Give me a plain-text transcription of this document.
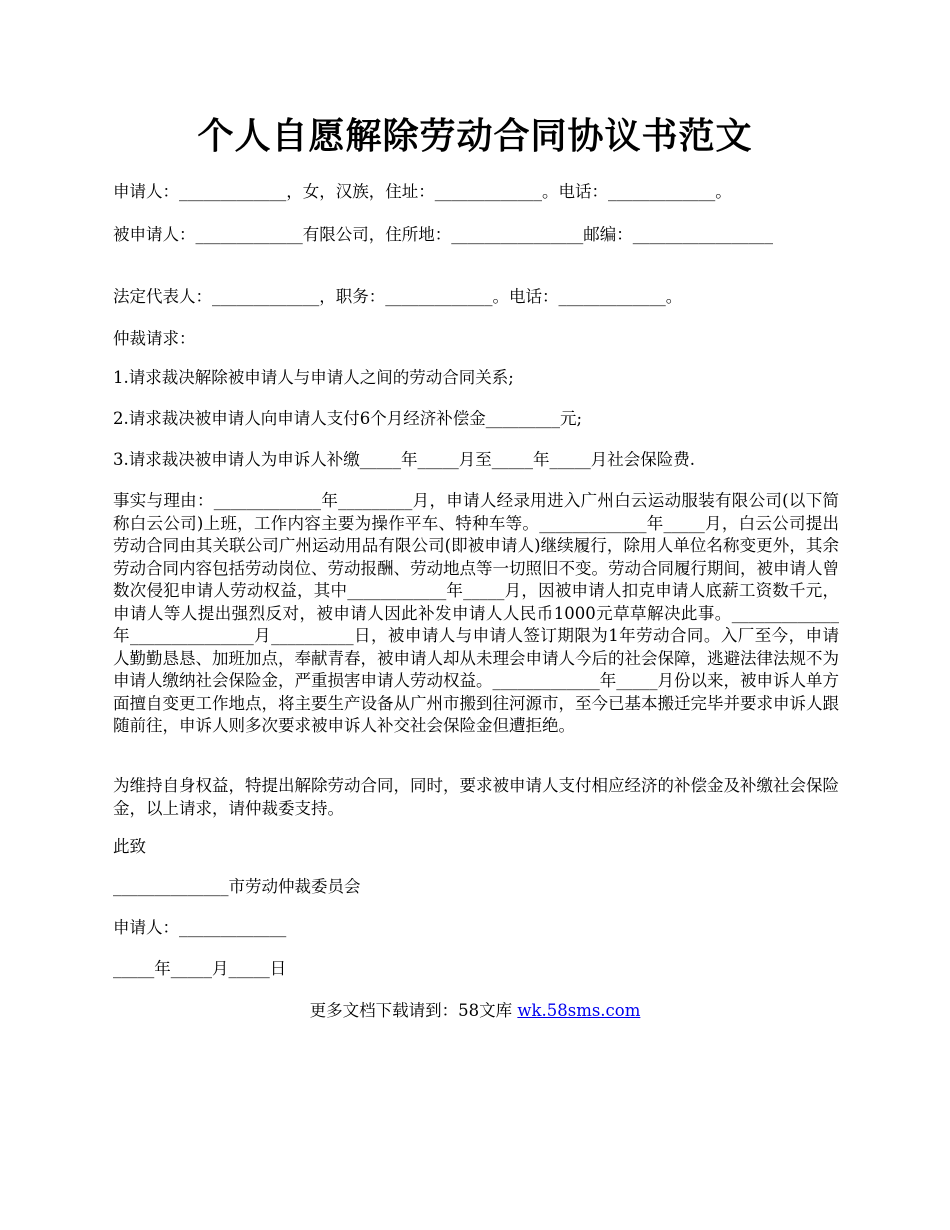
个人自愿解除劳动合同协议书范文

申请人：_____________，女，汉族，住址：_____________。电话：_____________。

被申请人：_____________有限公司，住所地：________________邮编：_________________

法定代表人：_____________，职务：_____________。电话：_____________。

仲裁请求：

1.请求裁决解除被申请人与申请人之间的劳动合同关系;

2.请求裁决被申请人向申请人支付6个月经济补偿金_________元;

3.请求裁决被申请人为申诉人补缴_____年_____月至_____年_____月社会保险费.

事实与理由：_____________年_________月，申请人经录用进入广州白云运动服装有限公司(以下简称白云公司)上班，工作内容主要为操作平车、特种车等。_____________年_____月，白云公司提出劳动合同由其关联公司广州运动用品有限公司(即被申请人)继续履行，除用人单位名称变更外，其余劳动合同内容包括劳动岗位、劳动报酬、劳动地点等一切照旧不变。劳动合同履行期间，被申请人曾数次侵犯申请人劳动权益，其中____________年_____月，因被申请人扣克申请人底薪工资数千元，申请人等人提出强烈反对，被申请人因此补发申请人人民币1000元草草解决此事。_____________年_______________月__________日，被申请人与申请人签订期限为1年劳动合同。入厂至今，申请人勤勤恳恳、加班加点，奉献青春，被申请人却从未理会申请人今后的社会保障，逃避法律法规不为申请人缴纳社会保险金，严重损害申请人劳动权益。_____________年_____月份以来，被申诉人单方面擅自变更工作地点，将主要生产设备从广州市搬到往河源市，至今已基本搬迁完毕并要求申诉人跟随前往，申诉人则多次要求被申诉人补交社会保险金但遭拒绝。

为维持自身权益，特提出解除劳动合同，同时，要求被申请人支付相应经济的补偿金及补缴社会保险金，以上请求，请仲裁委支持。

此致

______________市劳动仲裁委员会

申请人：_____________

_____年_____月_____日

更多文档下载请到：58文库 wk.58sms.com
